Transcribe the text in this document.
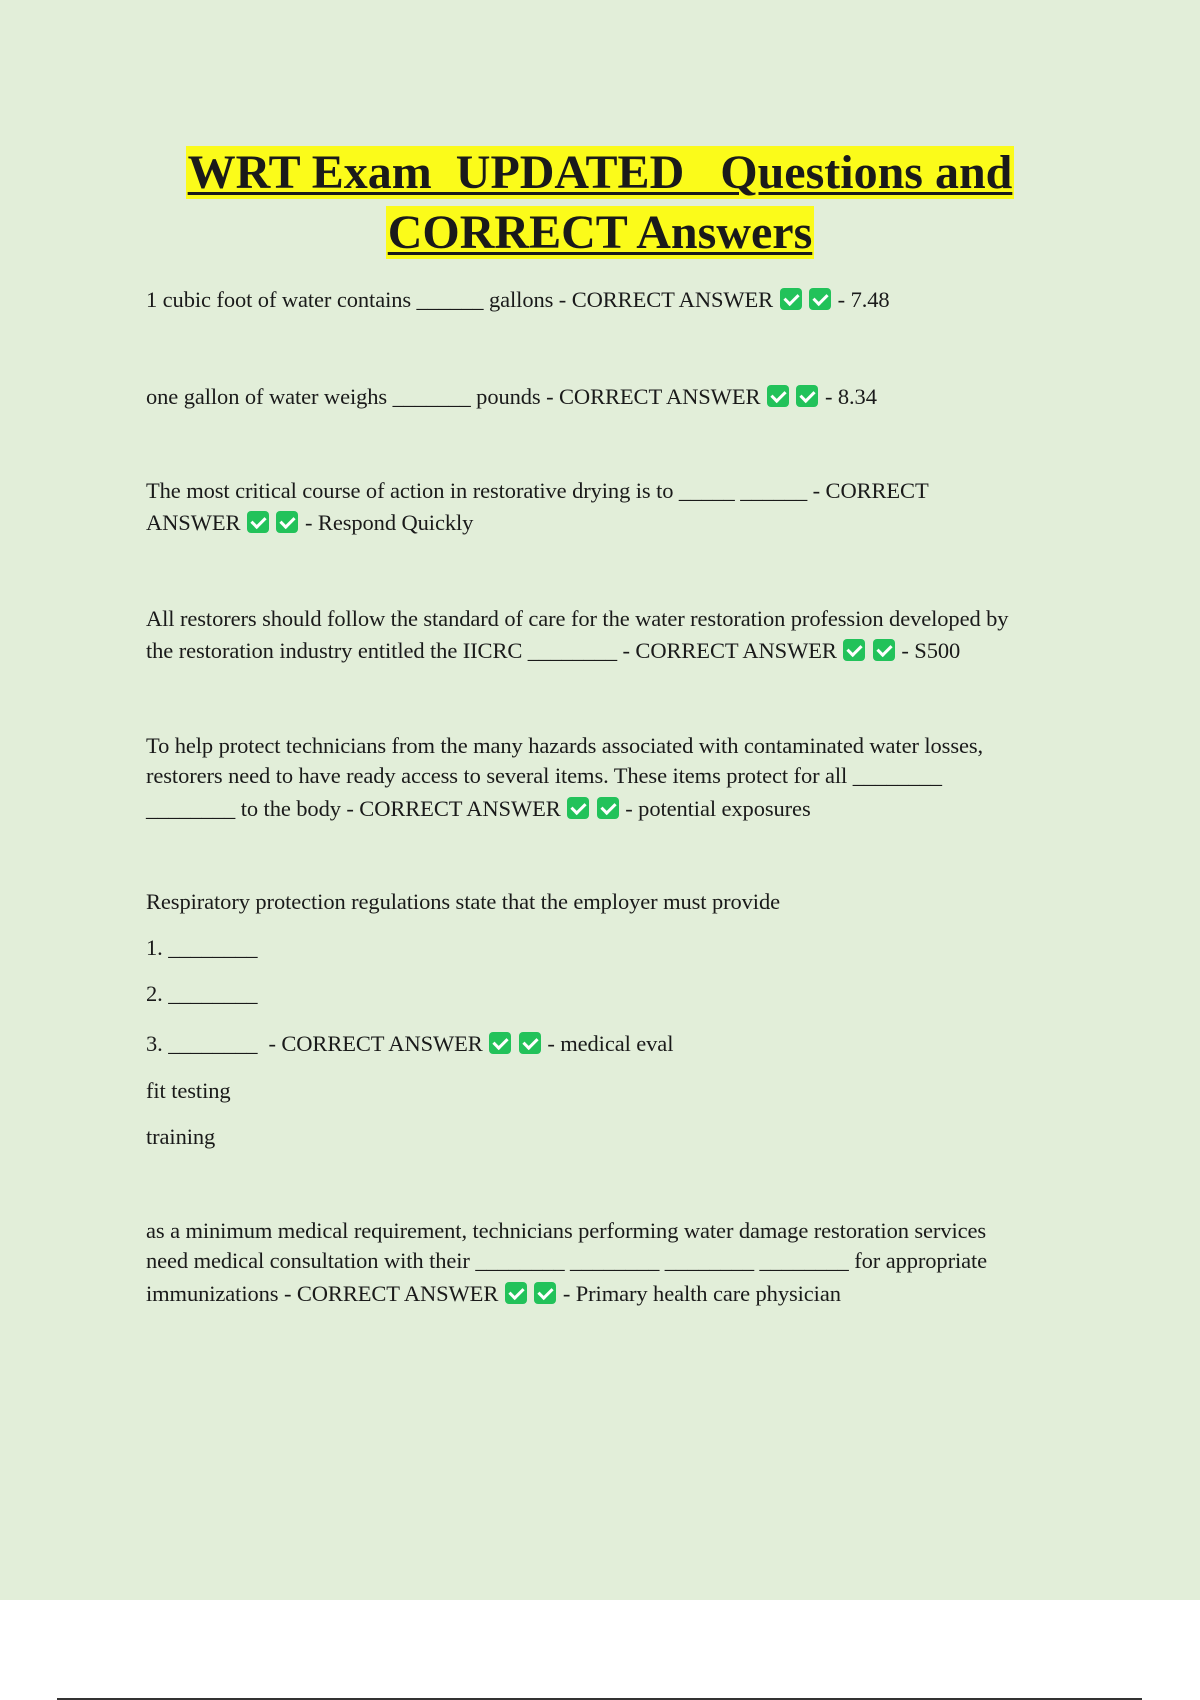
WRT Exam  UPDATED   Questions and
CORRECT Answers
1 cubic foot of water contains ______ gallons - CORRECT ANSWER	- 7.48
one gallon of water weighs _______ pounds - CORRECT ANSWER	- 8.34
The most critical course of action in restorative drying is to _____ ______ - CORRECT
ANSWER	- Respond Quickly
All restorers should follow the standard of care for the water restoration profession developed by
the restoration industry entitled the IICRC ________ - CORRECT ANSWER	- S500
To help protect technicians from the many hazards associated with contaminated water losses,
restorers need to have ready access to several items. These items protect for all ________
________ to the body - CORRECT ANSWER	- potential exposures
Respiratory protection regulations state that the employer must provide
1. ________
2. ________
3. ________  - CORRECT ANSWER	- medical eval
fit testing
training
as a minimum medical requirement, technicians performing water damage restoration services
need medical consultation with their ________ ________ ________ ________ for appropriate
immunizations - CORRECT ANSWER	- Primary health care physician
